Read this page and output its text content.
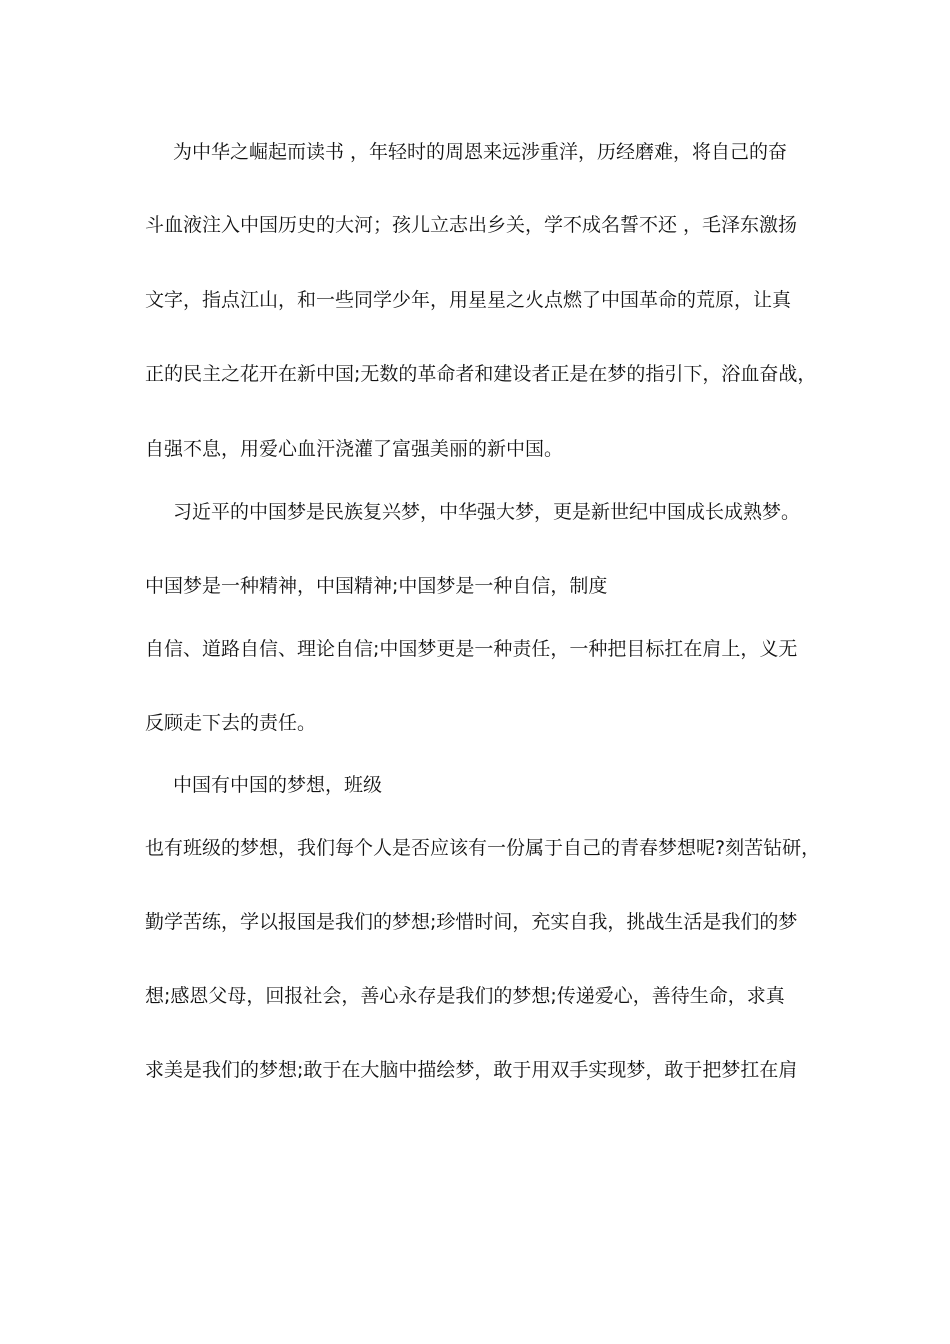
为中华之崛起而读书 ，年轻时的周恩来远涉重洋，历经磨难，将自己的奋
斗血液注入中国历史的大河；孩儿立志出乡关，学不成名誓不还 ，毛泽东激扬
文字，指点江山，和一些同学少年，用星星之火点燃了中国革命的荒原，让真
正的民主之花开在新中国;无数的革命者和建设者正是在梦的指引下，浴血奋战，
自强不息，用爱心血汗浇灌了富强美丽的新中国。
习近平的中国梦是民族复兴梦，中华强大梦，更是新世纪中国成长成熟梦。
中国梦是一种精神，中国精神;中国梦是一种自信，制度
自信、道路自信、理论自信;中国梦更是一种责任，一种把目标扛在肩上，义无
反顾走下去的责任。
中国有中国的梦想，班级
也有班级的梦想，我们每个人是否应该有一份属于自己的青春梦想呢?刻苦钻研，
勤学苦练，学以报国是我们的梦想;珍惜时间，充实自我，挑战生活是我们的梦
想;感恩父母，回报社会，善心永存是我们的梦想;传递爱心，善待生命，求真
求美是我们的梦想;敢于在大脑中描绘梦，敢于用双手实现梦，敢于把梦扛在肩
